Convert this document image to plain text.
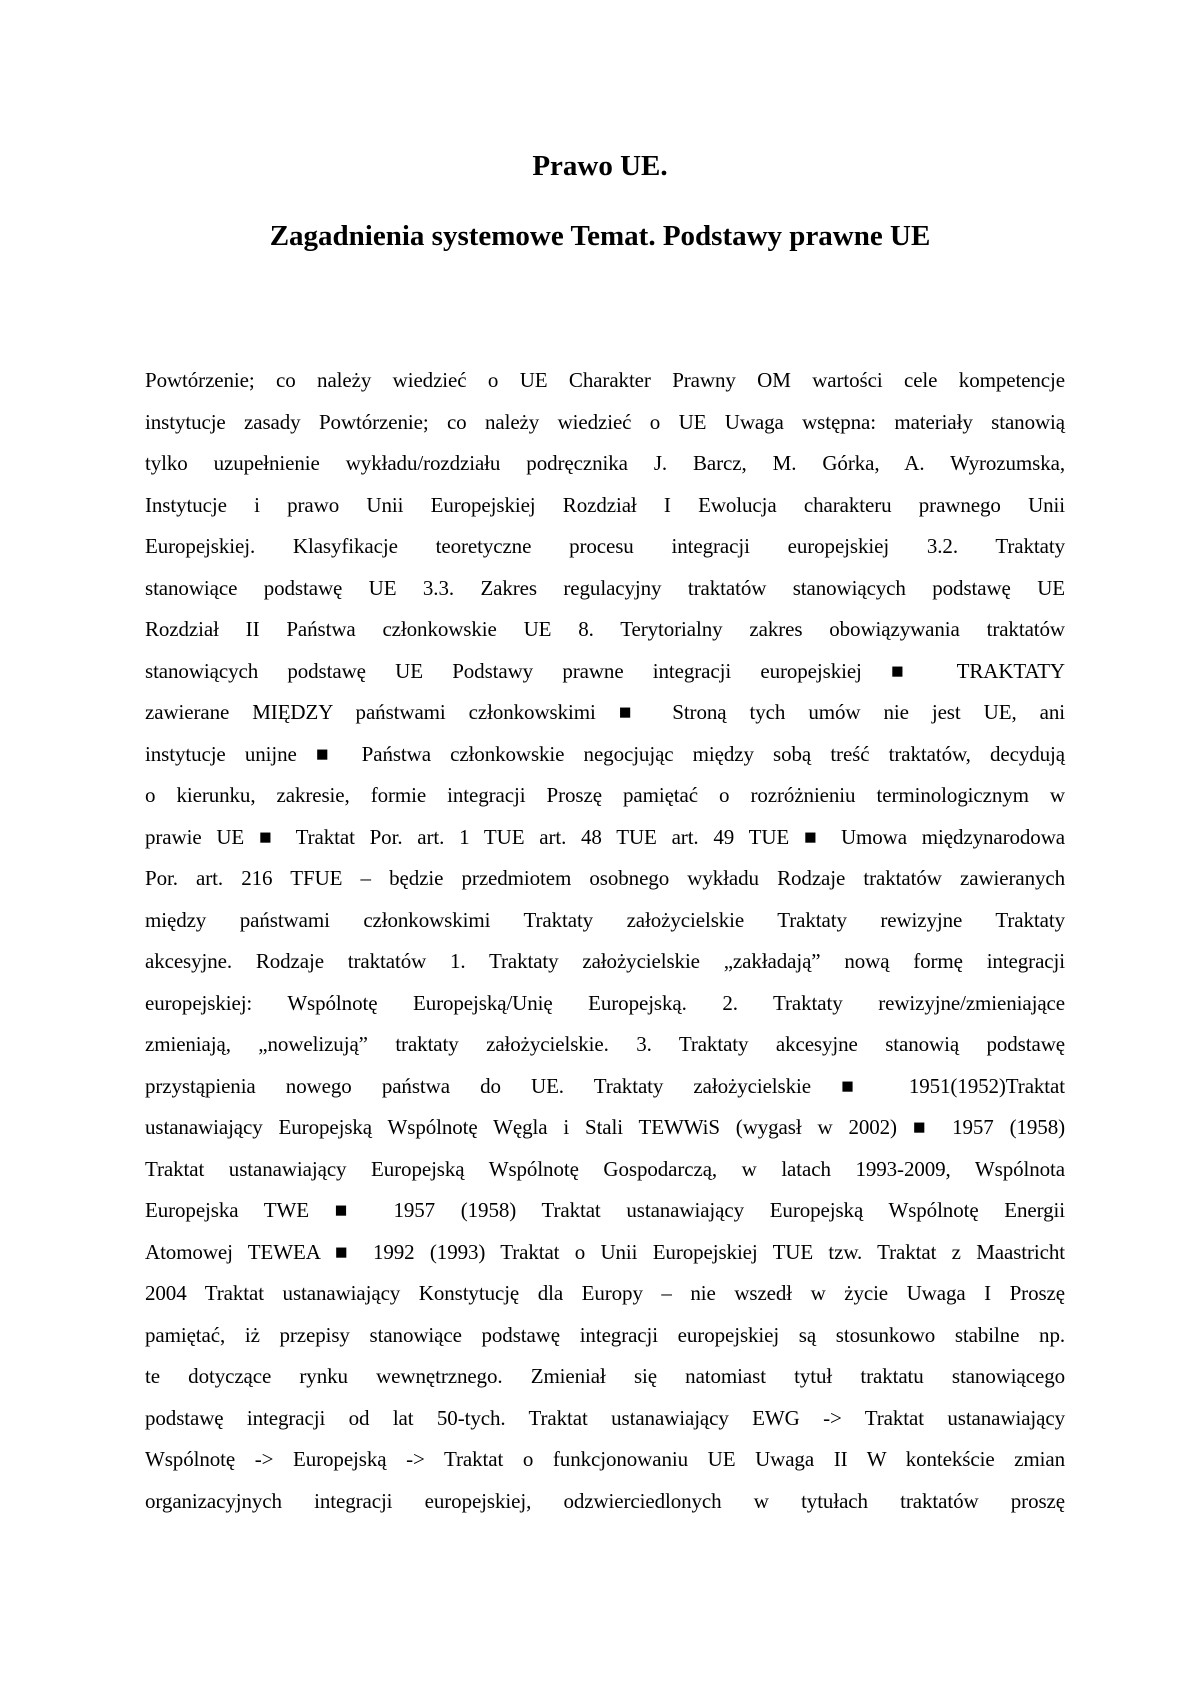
Prawo UE.
Zagadnienia systemowe Temat. Podstawy prawne UE
Powtórzenie; co należy wiedzieć o UE Charakter Prawny OM wartości cele kompetencje
instytucje zasady Powtórzenie; co należy wiedzieć o UE Uwaga wstępna: materiały stanowią
tylko uzupełnienie wykładu/rozdziału podręcznika J. Barcz, M. Górka, A. Wyrozumska,
Instytucje i prawo Unii Europejskiej Rozdział I Ewolucja charakteru prawnego Unii
Europejskiej. Klasyfikacje teoretyczne procesu integracji europejskiej 3.2. Traktaty
stanowiące podstawę UE 3.3. Zakres regulacyjny traktatów stanowiących podstawę UE
Rozdział II Państwa członkowskie UE 8. Terytorialny zakres obowiązywania traktatów
stanowiących podstawę UE Podstawy prawne integracji europejskiej ■ TRAKTATY
zawierane MIĘDZY państwami członkowskimi ■ Stroną tych umów nie jest UE, ani
instytucje unijne ■ Państwa członkowskie negocjując między sobą treść traktatów, decydują
o kierunku, zakresie, formie integracji Proszę pamiętać o rozróżnieniu terminologicznym w
prawie UE ■ Traktat Por. art. 1 TUE art. 48 TUE art. 49 TUE ■ Umowa międzynarodowa
Por. art. 216 TFUE – będzie przedmiotem osobnego wykładu Rodzaje traktatów zawieranych
między państwami członkowskimi Traktaty założycielskie Traktaty rewizyjne Traktaty
akcesyjne. Rodzaje traktatów 1. Traktaty założycielskie „zakładają” nową formę integracji
europejskiej: Wspólnotę Europejską/Unię Europejską. 2. Traktaty rewizyjne/zmieniające
zmieniają, „nowelizują” traktaty założycielskie. 3. Traktaty akcesyjne stanowią podstawę
przystąpienia nowego państwa do UE. Traktaty założycielskie ■ 1951(1952)Traktat
ustanawiający Europejską Wspólnotę Węgla i Stali TEWWiS (wygasł w 2002) ■ 1957 (1958)
Traktat ustanawiający Europejską Wspólnotę Gospodarczą, w latach 1993-2009, Wspólnota
Europejska TWE ■ 1957 (1958) Traktat ustanawiający Europejską Wspólnotę Energii
Atomowej TEWEA ■ 1992 (1993) Traktat o Unii Europejskiej TUE tzw. Traktat z Maastricht
2004 Traktat ustanawiający Konstytucję dla Europy – nie wszedł w życie Uwaga I Proszę
pamiętać, iż przepisy stanowiące podstawę integracji europejskiej są stosunkowo stabilne np.
te dotyczące rynku wewnętrznego. Zmieniał się natomiast tytuł traktatu stanowiącego
podstawę integracji od lat 50-tych. Traktat ustanawiający EWG -> Traktat ustanawiający
Wspólnotę -> Europejską -> Traktat o funkcjonowaniu UE Uwaga II W kontekście zmian
organizacyjnych integracji europejskiej, odzwierciedlonych w tytułach traktatów proszę
